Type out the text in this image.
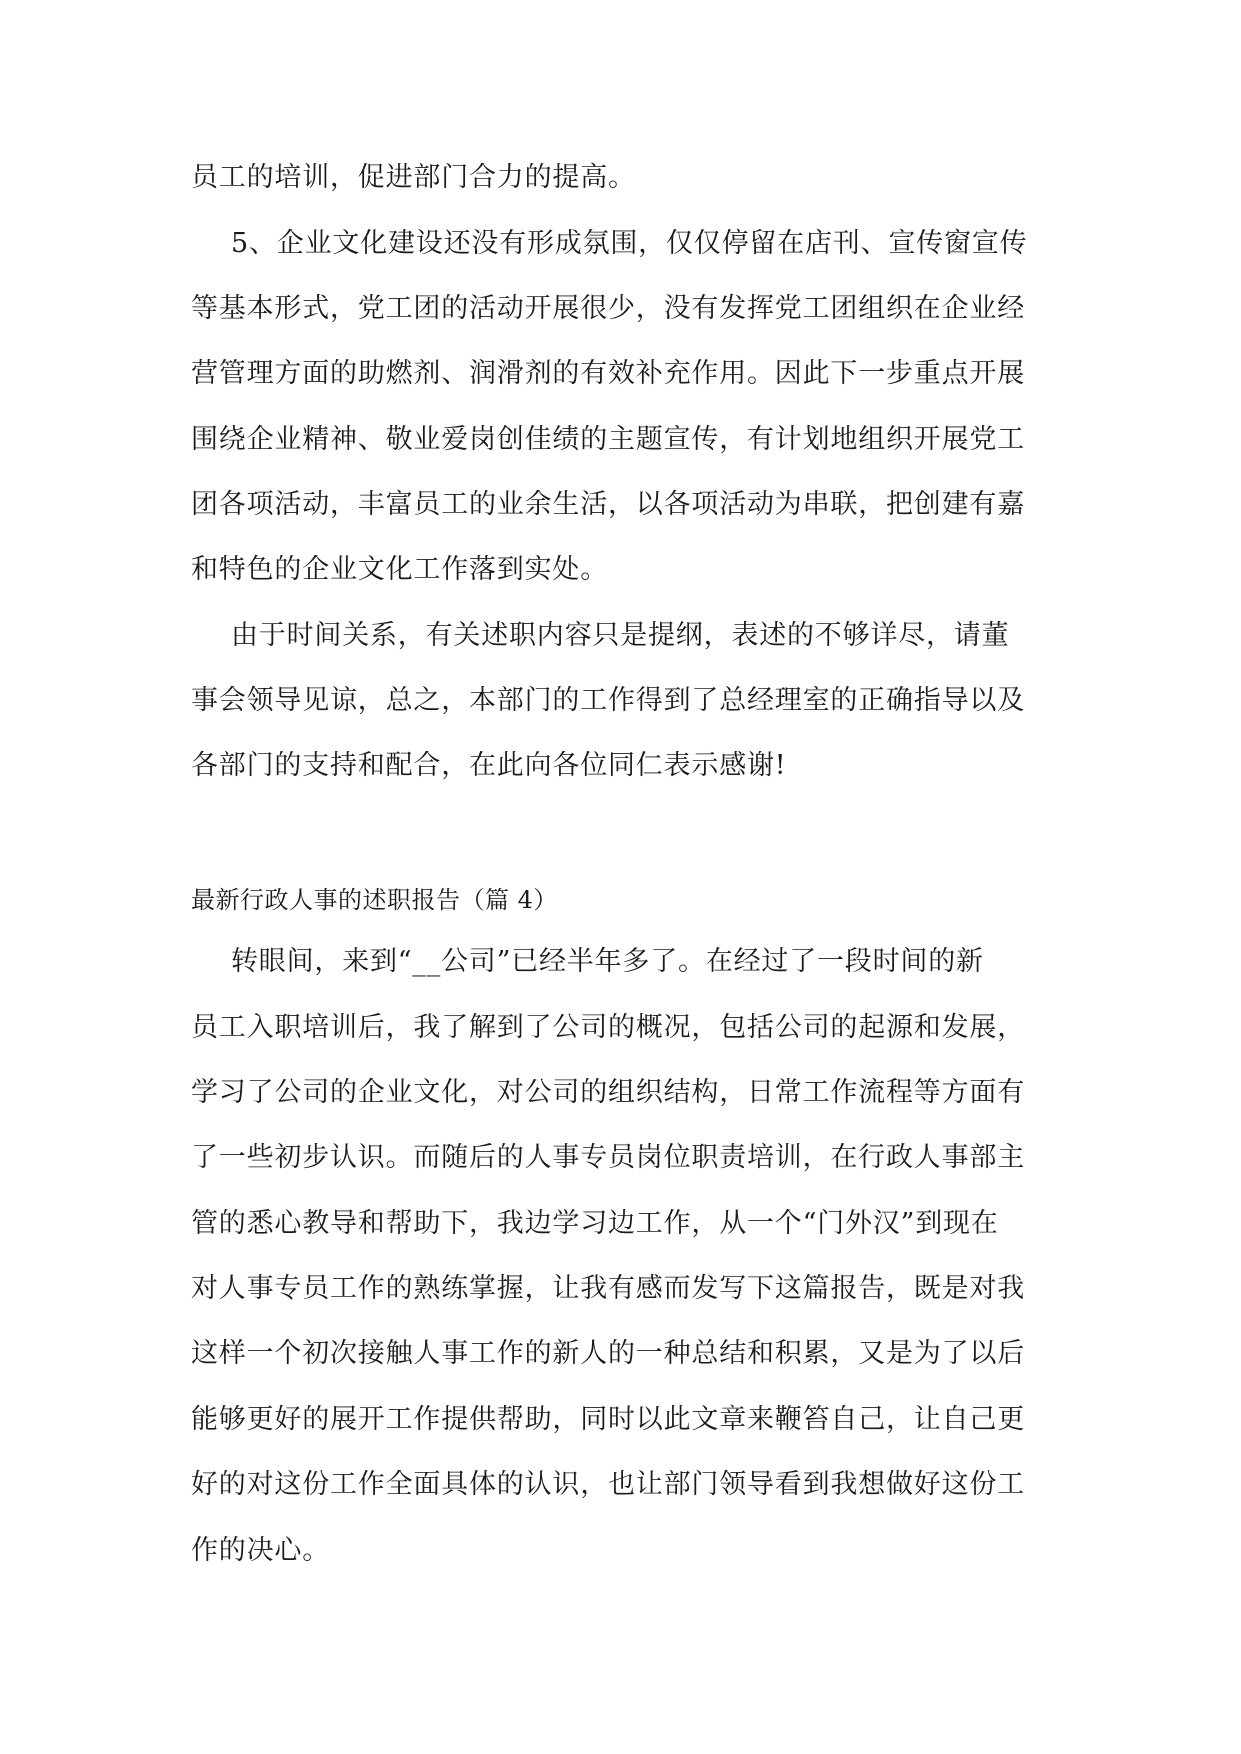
员工的培训，促进部门合力的提高。
5、企业文化建设还没有形成氛围，仅仅停留在店刊、宣传窗宣传
等基本形式，党工团的活动开展很少，没有发挥党工团组织在企业经
营管理方面的助燃剂、润滑剂的有效补充作用。因此下一步重点开展
围绕企业精神、敬业爱岗创佳绩的主题宣传，有计划地组织开展党工
团各项活动，丰富员工的业余生活，以各项活动为串联，把创建有嘉
和特色的企业文化工作落到实处。
由于时间关系，有关述职内容只是提纲，表述的不够详尽，请董
事会领导见谅，总之，本部门的工作得到了总经理室的正确指导以及
各部门的支持和配合，在此向各位同仁表示感谢!
最新行政人事的述职报告（篇 4）
转眼间，来到“__公司”已经半年多了。在经过了一段时间的新
员工入职培训后，我了解到了公司的概况，包括公司的起源和发展，
学习了公司的企业文化，对公司的组织结构，日常工作流程等方面有
了一些初步认识。而随后的人事专员岗位职责培训，在行政人事部主
管的悉心教导和帮助下，我边学习边工作，从一个“门外汉”到现在
对人事专员工作的熟练掌握，让我有感而发写下这篇报告，既是对我
这样一个初次接触人事工作的新人的一种总结和积累，又是为了以后
能够更好的展开工作提供帮助，同时以此文章来鞭笞自己，让自己更
好的对这份工作全面具体的认识，也让部门领导看到我想做好这份工
作的决心。
